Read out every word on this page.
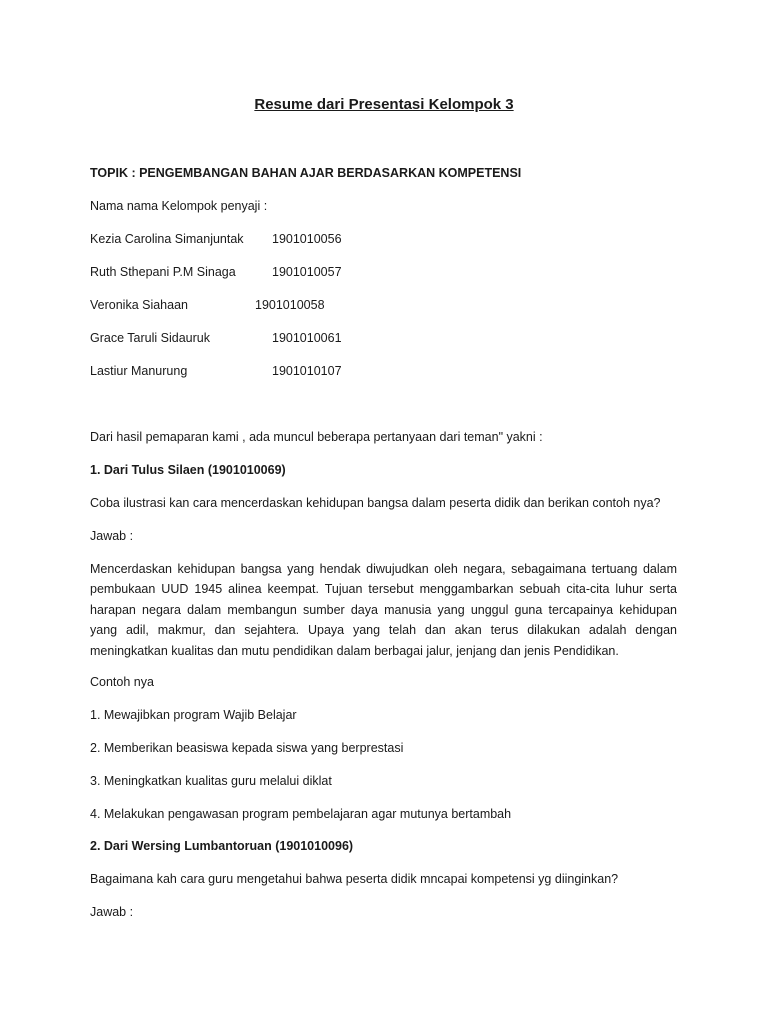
Resume dari Presentasi Kelompok 3
TOPIK : PENGEMBANGAN BAHAN AJAR BERDASARKAN KOMPETENSI
Nama nama Kelompok penyaji :
Kezia Carolina Simanjuntak 1901010056
Ruth Sthepani P.M Sinaga	1901010057
Veronika Siahaan	1901010058
Grace Taruli Sidauruk	1901010061
Lastiur Manurung	1901010107
Dari hasil pemaparan kami , ada muncul beberapa pertanyaan dari teman" yakni :
1. Dari Tulus Silaen (1901010069)
Coba ilustrasi kan cara mencerdaskan kehidupan bangsa dalam peserta didik dan berikan contoh nya?
Jawab :
Mencerdaskan kehidupan bangsa yang hendak diwujudkan oleh negara, sebagaimana tertuang dalam pembukaan UUD 1945 alinea keempat. Tujuan tersebut menggambarkan sebuah cita-cita luhur serta harapan negara dalam membangun sumber daya manusia yang unggul guna tercapainya kehidupan yang adil, makmur, dan sejahtera. Upaya yang telah dan akan terus dilakukan adalah dengan meningkatkan kualitas dan mutu pendidikan dalam berbagai jalur, jenjang dan jenis Pendidikan.
Contoh nya
1. Mewajibkan program Wajib Belajar
2. Memberikan beasiswa kepada siswa yang berprestasi
3. Meningkatkan kualitas guru melalui diklat
4. Melakukan pengawasan program pembelajaran agar mutunya bertambah
2. Dari Wersing Lumbantoruan (1901010096)
Bagaimana kah cara guru mengetahui bahwa peserta didik mncapai kompetensi yg diinginkan?
Jawab :
